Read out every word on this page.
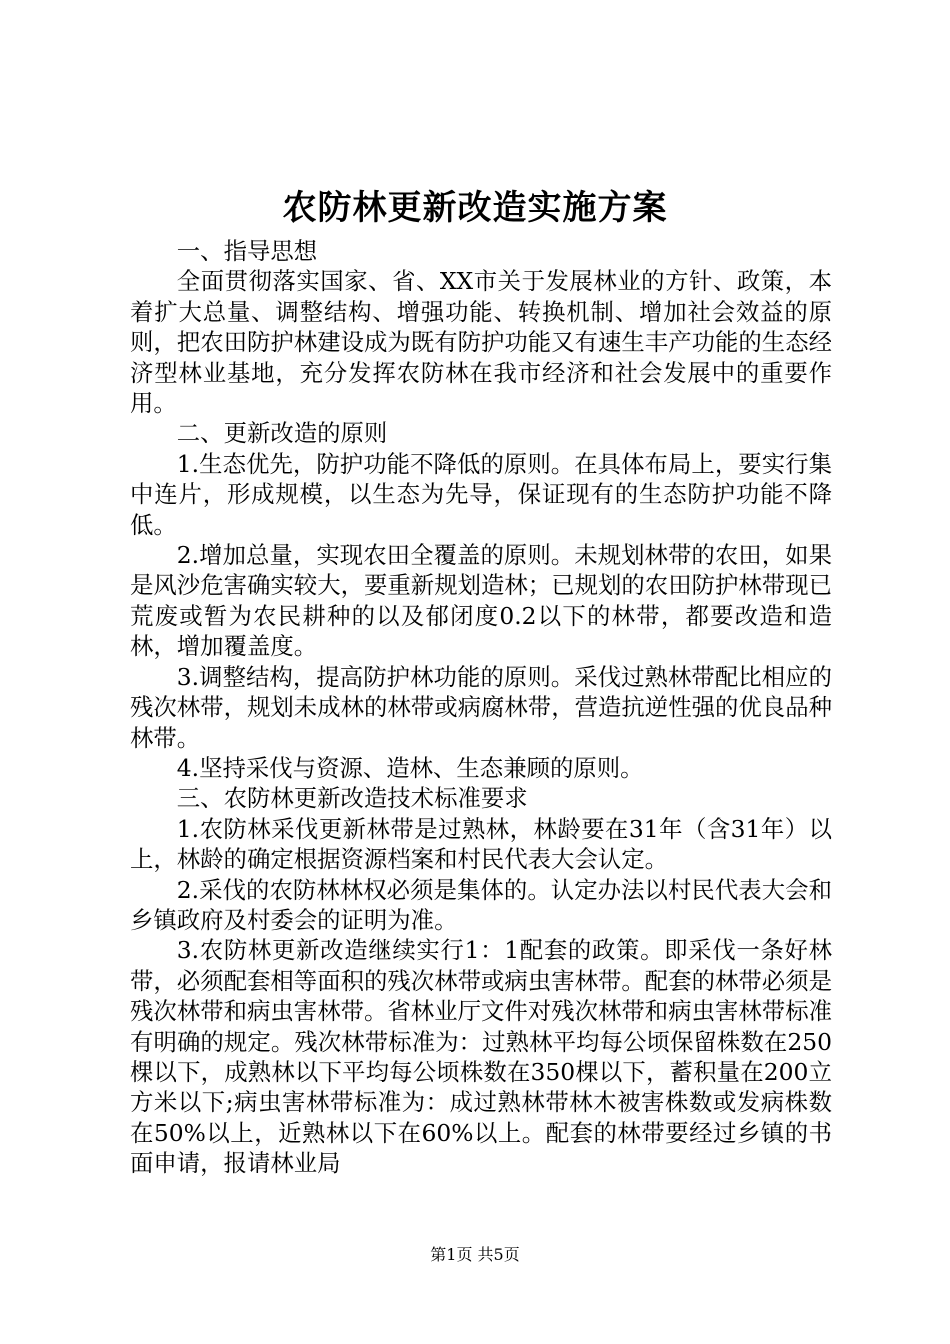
农防林更新改造实施方案

一、指导思想

全面贯彻落实国家、省、XX市关于发展林业的方针、政策，本着扩大总量、调整结构、增强功能、转换机制、增加社会效益的原则，把农田防护林建设成为既有防护功能又有速生丰产功能的生态经济型林业基地，充分发挥农防林在我市经济和社会发展中的重要作用。

二、更新改造的原则

1.生态优先，防护功能不降低的原则。在具体布局上，要实行集中连片，形成规模，以生态为先导，保证现有的生态防护功能不降低。

2.增加总量，实现农田全覆盖的原则。未规划林带的农田，如果是风沙危害确实较大，要重新规划造林；已规划的农田防护林带现已荒废或暂为农民耕种的以及郁闭度0.2以下的林带，都要改造和造林，增加覆盖度。

3.调整结构，提高防护林功能的原则。采伐过熟林带配比相应的残次林带，规划未成林的林带或病腐林带，营造抗逆性强的优良品种林带。

4.坚持采伐与资源、造林、生态兼顾的原则。

三、农防林更新改造技术标准要求

1.农防林采伐更新林带是过熟林，林龄要在31年（含31年）以上，林龄的确定根据资源档案和村民代表大会认定。

2.采伐的农防林林权必须是集体的。认定办法以村民代表大会和乡镇政府及村委会的证明为准。

3.农防林更新改造继续实行1：1配套的政策。即采伐一条好林带，必须配套相等面积的残次林带或病虫害林带。配套的林带必须是残次林带和病虫害林带。省林业厅文件对残次林带和病虫害林带标准有明确的规定。残次林带标准为：过熟林平均每公顷保留株数在250棵以下，成熟林以下平均每公顷株数在350棵以下，蓄积量在200立方米以下;病虫害林带标准为：成过熟林带林木被害株数或发病株数在50%以上，近熟林以下在60%以上。配套的林带要经过乡镇的书面申请，报请林业局

第1页 共5页
